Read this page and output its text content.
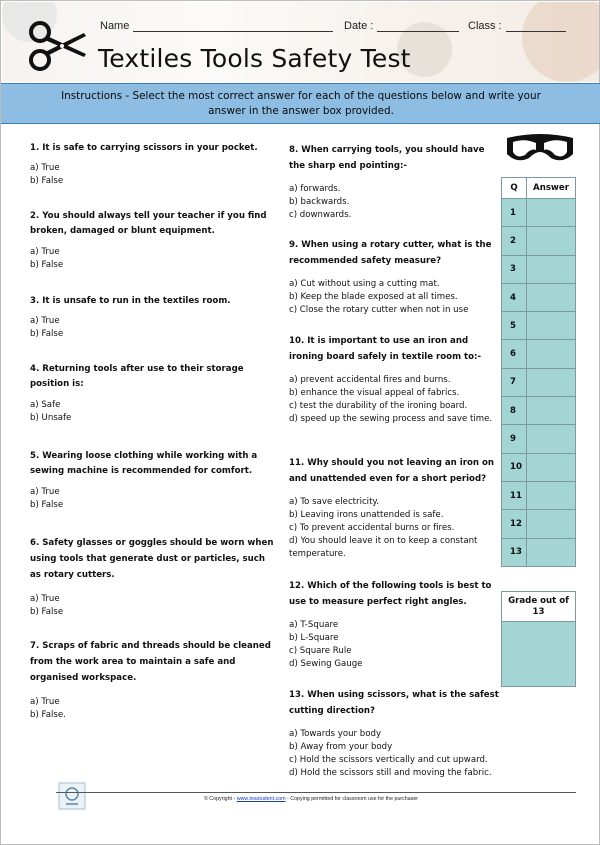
Name	Date :	Class :
Textiles Tools Safety Test
Instructions - Select the most correct answer for each of the questions below and write your answer in the answer box provided.

1. It is safe to carrying scissors in your pocket.

a) True

b) False

2. You should always tell your teacher if you find broken, damaged or blunt equipment.

a) True

b) False

3. It is unsafe to run in the textiles room.

a) True

b) False

4. Returning tools after use to their storage position is:

a) Safe

b) Unsafe

5. Wearing loose clothing while working with a sewing machine is recommended for comfort.

a) True

b) False

6. Safety glasses or goggles should be worn when using tools that generate dust or particles, such as rotary cutters.

a) True

b) False

7. Scraps of fabric and threads should be cleaned from the work area to maintain a safe and organised workspace.

a) True

b) False.

8. When carrying tools, you should have the sharp end pointing:-

a) forwards.

b) backwards.

c) downwards.

9. When using a rotary cutter, what is the recommended safety measure?

a) Cut without using a cutting mat.

b) Keep the blade exposed at all times.

c) Close the rotary cutter when not in use

10. It is important to use an iron and ironing board safely in textile room to:-

a) prevent accidental fires and burns.

b) enhance the visual appeal of fabrics.

c) test the durability of the ironing board.

d) speed up the sewing process and save time.

11. Why should you not leaving an iron on and unattended even for a short period?

a) To save electricity.

b) Leaving irons unattended is safe.

c) To prevent accidental burns or fires.

d) You should leave it on to keep a constant temperature.

12. Which of the following tools is best to use to measure perfect right angles.

a) T-Square

b) L-Square

c) Square Rule

d) Sewing Gauge

13. When using scissors, what is the safest cutting direction?

a) Towards your body

b) Away from your body

c) Hold the scissors vertically and cut upward.

d) Hold the scissors still and moving the fabric.

Q	Answer
1	
2	
3	
4	
5	
6	
7	
8	
9	
10	
11	
12	
13	
Grade out of 13
© Copyright - www.teastudent.com - Copying permitted for classroom use for the purchaser
